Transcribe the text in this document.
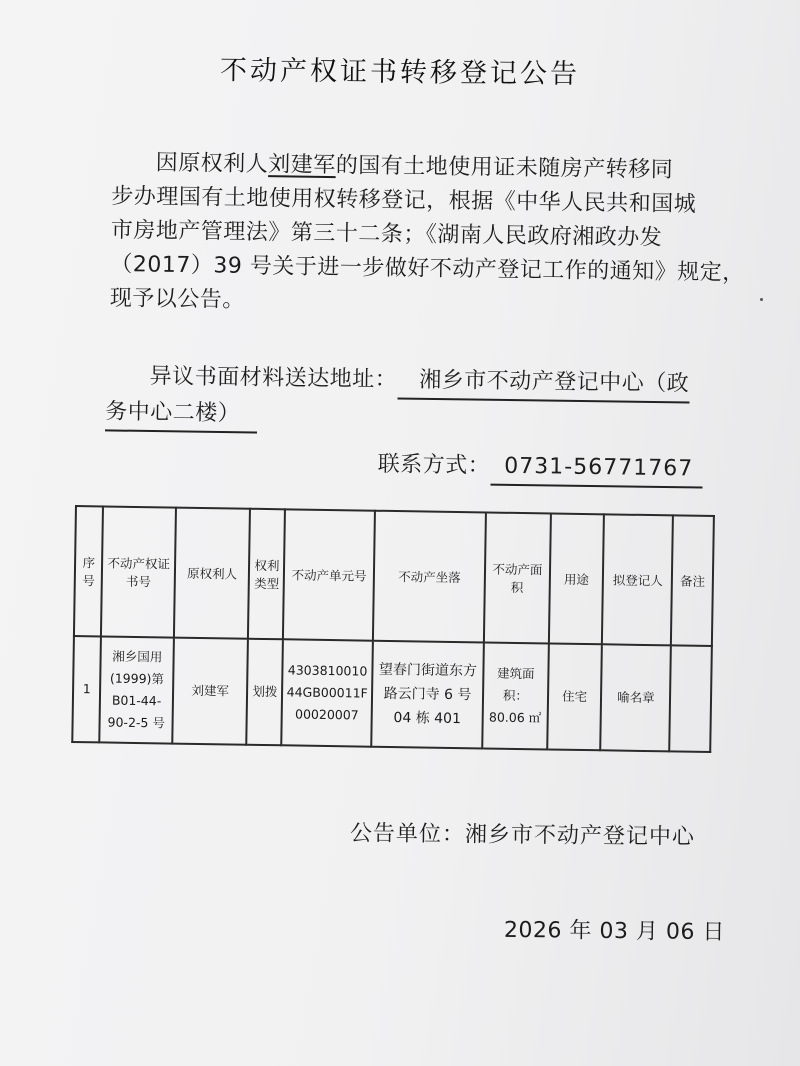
不动产权证书转移登记公告
因原权利人刘建军的国有土地使用证未随房产转移同
步办理国有土地使用权转移登记，根据《中华人民共和国城
市房地产管理法》第三十二条；《湖南人民政府湘政办发
（2017）39 号关于进一步做好不动产登记工作的通知》规定，
现予以公告。
异议书面材料送达地址： 湘乡市不动产登记中心（政
务中心二楼）
联系方式： 0731-56771767
序号	不动产权证书号	原权利人	权利类型	不动产单元号	不动产坐落	不动产面积	用途	拟登记人	备注
1	湘乡国用(1999)第B01-44-90-2-5 号	刘建军	划拨	430381001044GB00011F00020007	望春门街道东方路云门寺 6 号 04 栋 401	建筑面积：80.06 ㎡	住宅	喻名章	
公告单位：湘乡市不动产登记中心
2026 年 03 月 06 日
